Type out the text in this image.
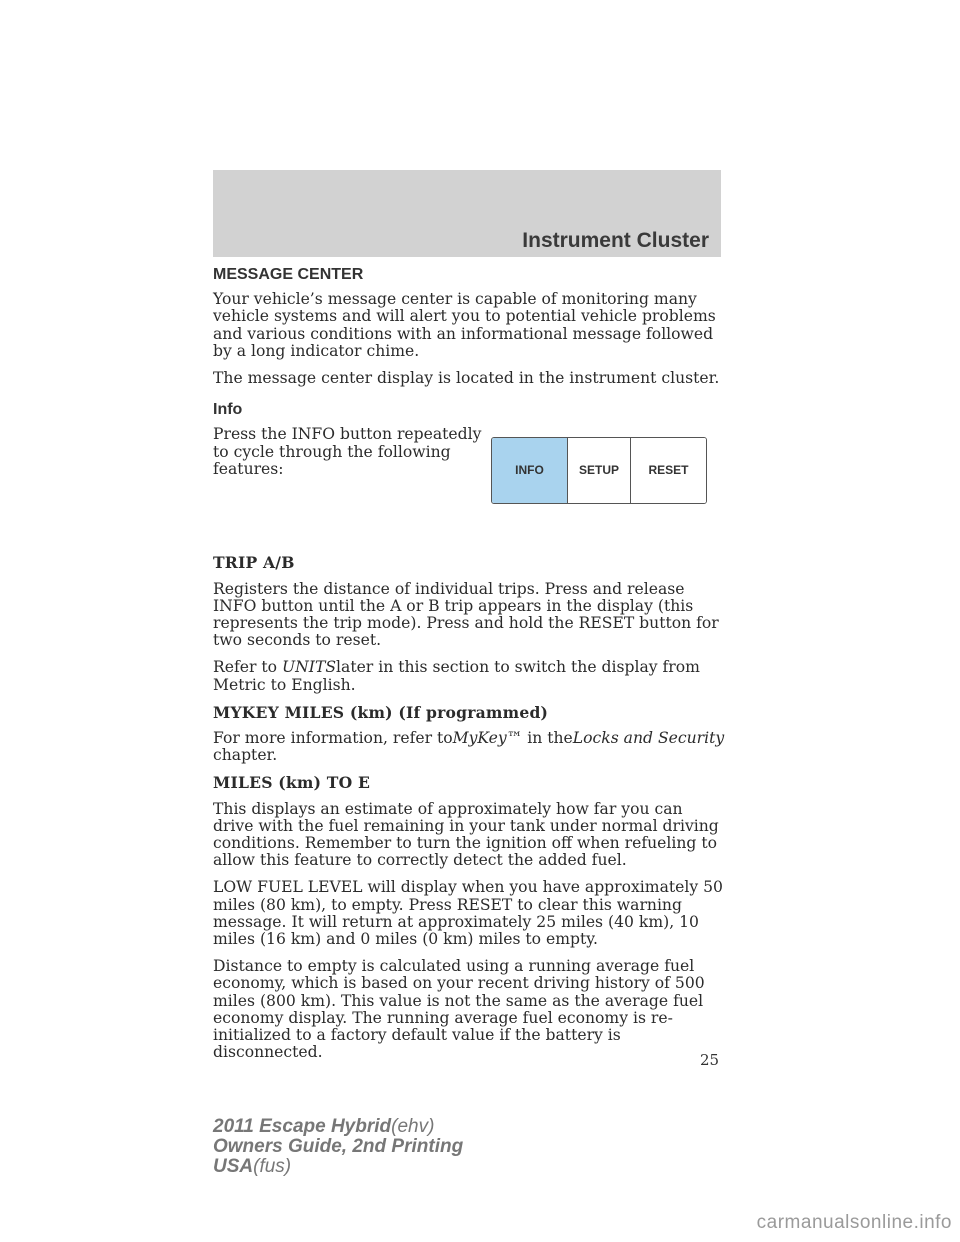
Instrument Cluster
MESSAGE CENTER

Your vehicle’s message center is capable of monitoring many vehicle systems and will alert you to potential vehicle problems and various conditions with an informational message followed by a long indicator chime.

The message center display is located in the instrument cluster.

Info

Press the INFO button repeatedly to cycle through the following features:	INFO	SETUP	RESET
TRIP A/B

Registers the distance of individual trips. Press and release INFO button until the A or B trip appears in the display (this represents the trip mode). Press and hold the RESET button for two seconds to reset.

Refer to UNITSlater in this section to switch the display from Metric to English.

MYKEY MILES (km) (If programmed)

For more information, refer toMyKey™ in theLocks and Security chapter.

MILES (km) TO E

This displays an estimate of approximately how far you can drive with the fuel remaining in your tank under normal driving conditions. Remember to turn the ignition off when refueling to allow this feature to correctly detect the added fuel.

LOW FUEL LEVEL will display when you have approximately 50 miles (80 km), to empty. Press RESET to clear this warning message. It will return at approximately 25 miles (40 km), 10 miles (16 km) and 0 miles (0 km) miles to empty.

Distance to empty is calculated using a running average fuel economy, which is based on your recent driving history of 500 miles (800 km). This value is not the same as the average fuel economy display. The running average fuel economy is re-initialized to a factory default value if the battery is disconnected.	25
2011 Escape Hybrid(ehv)
Owners Guide, 2nd Printing
USA(fus)
carmanualsonline.info
